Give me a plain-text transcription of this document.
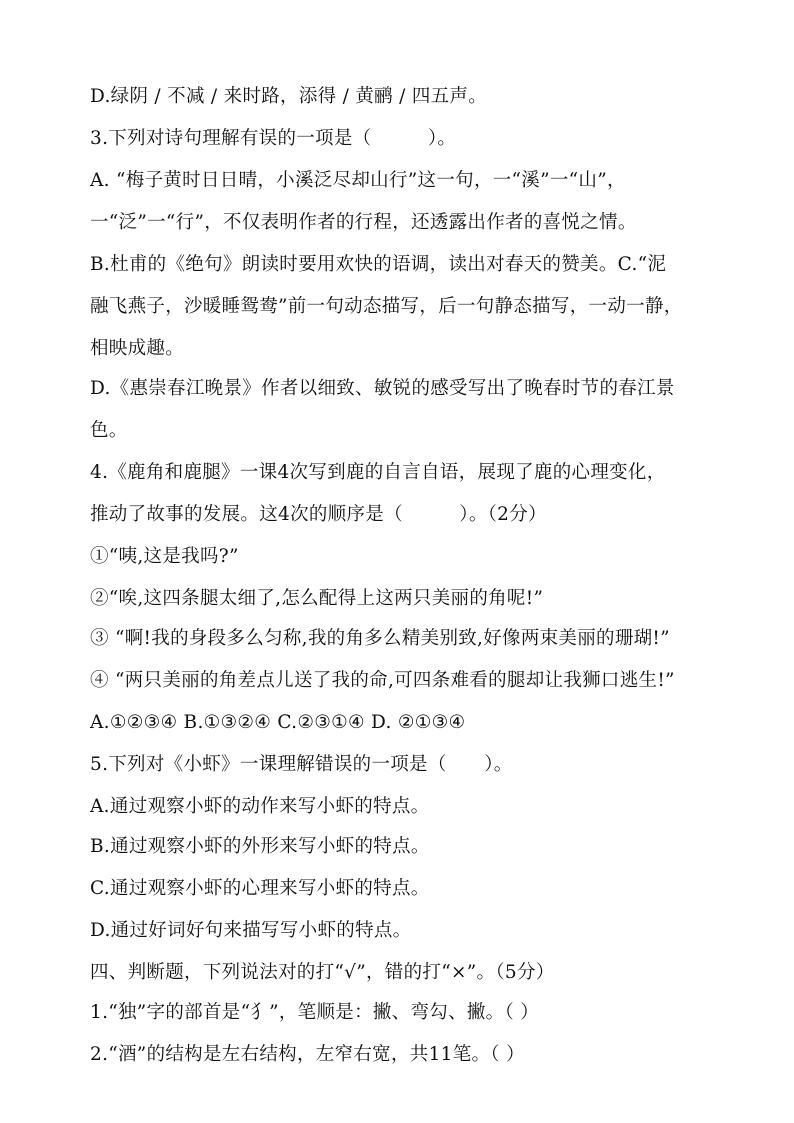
D.绿阴 / 不减 / 来时路，添得 / 黄鹂 / 四五声。
3.下列对诗句理解有误的一项是（　　　）。
A. “梅子黄时日日晴，小溪泛尽却山行”这一句，一“溪”一“山”，
一“泛”一“行”，不仅表明作者的行程，还透露出作者的喜悦之情。
B.杜甫的《绝句》朗读时要用欢快的语调，读出对春天的赞美。C.“泥
融飞燕子，沙暖睡鸳鸯”前一句动态描写，后一句静态描写，一动一静，
相映成趣。
D.《惠崇春江晚景》作者以细致、敏锐的感受写出了晚春时节的春江景
色。
4.《鹿角和鹿腿》一课4次写到鹿的自言自语，展现了鹿的心理变化，
推动了故事的发展。这4次的顺序是（　　　）。（2分）
①“咦,这是我吗?”
②“唉,这四条腿太细了,怎么配得上这两只美丽的角呢!”
③ “啊!我的身段多么匀称,我的角多么精美别致,好像两束美丽的珊瑚!”
④ “两只美丽的角差点儿送了我的命,可四条难看的腿却让我狮口逃生!”
A.①②③④ B.①③②④ C.②③①④ D. ②①③④
5.下列对《小虾》一课理解错误的一项是（　　）。
A.通过观察小虾的动作来写小虾的特点。
B.通过观察小虾的外形来写小虾的特点。
C.通过观察小虾的心理来写小虾的特点。
D.通过好词好句来描写写小虾的特点。
四、判断题，下列说法对的打“√”，错的打“×”。（5分）
1.“独”字的部首是“犭”，笔顺是：撇、弯勾、撇。（ ）
2.“酒”的结构是左右结构，左窄右宽，共11笔。（ ）
